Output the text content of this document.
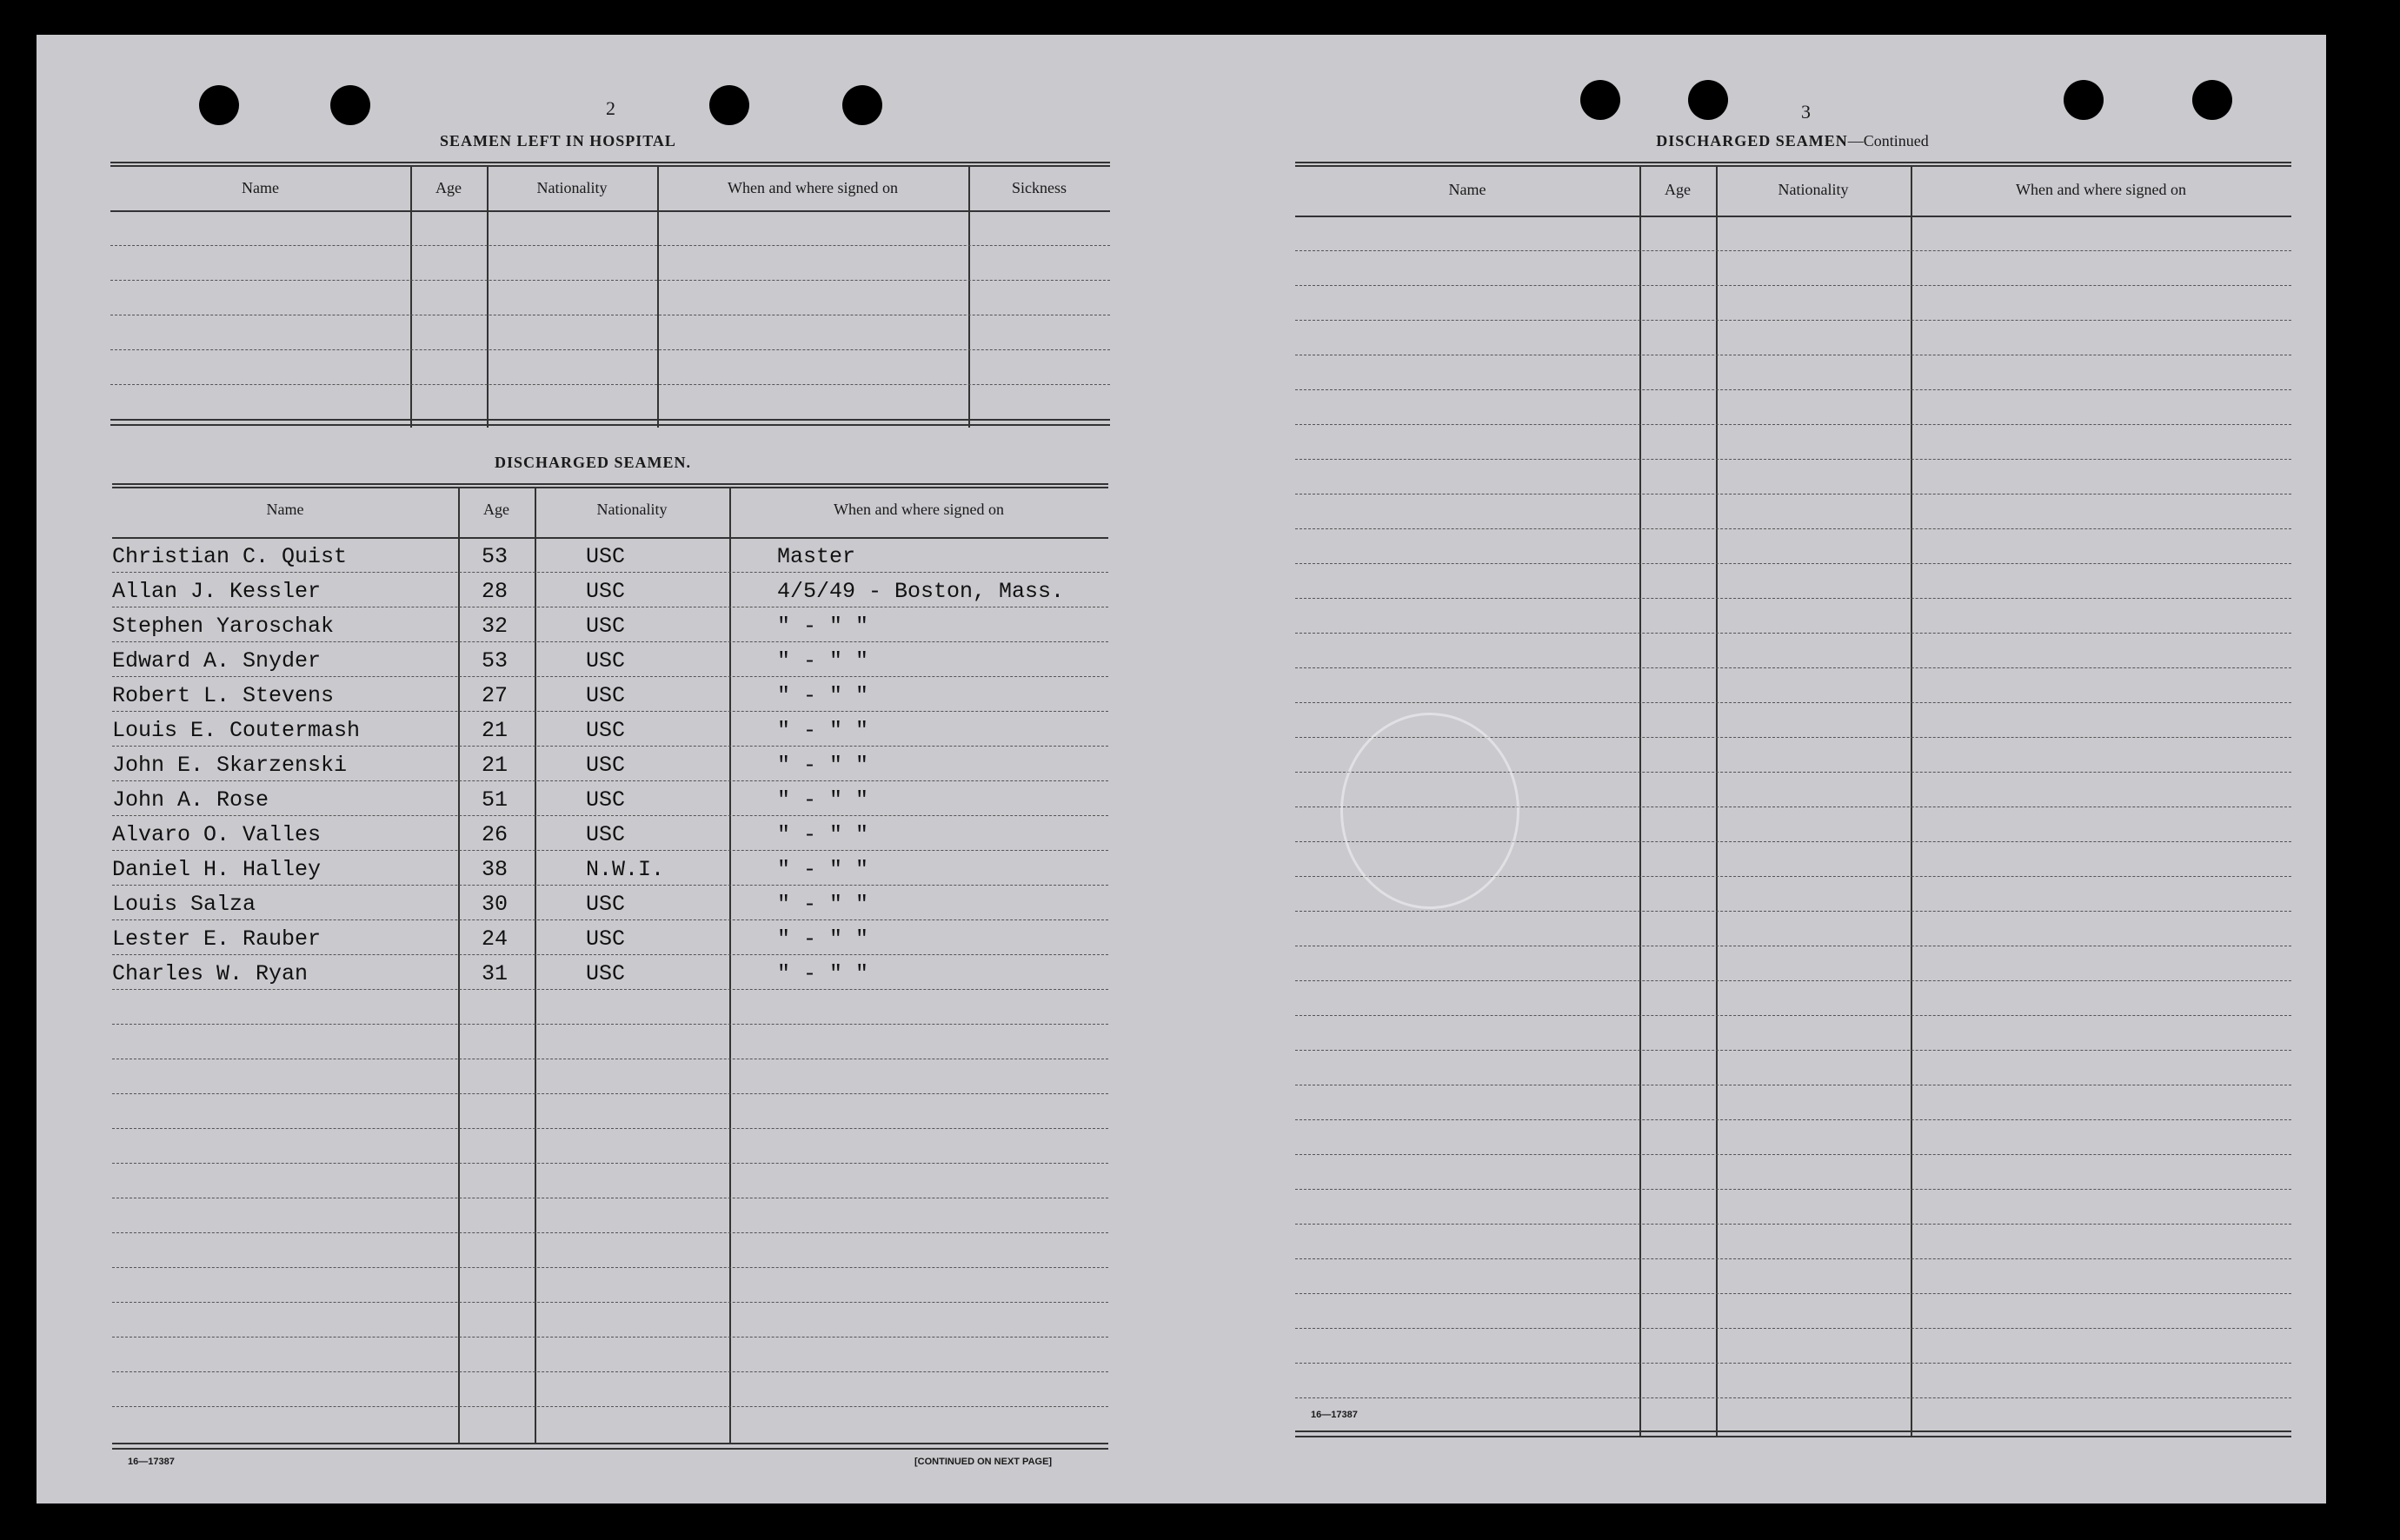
2
SEAMEN LEFT IN HOSPITAL
Name	Age	Nationality	When and where signed on	Sickness
DISCHARGED SEAMEN.
Name	Age	Nationality	When and where signed on
Christian C. Quist	53	USC	Master
Allan J. Kessler	28	USC	4/5/49 - Boston, Mass.
Stephen Yaroschak	32	USC	" - " "
Edward A. Snyder	53	USC	" - " "
Robert L. Stevens	27	USC	" - " "
Louis E. Coutermash	21	USC	" - " "
John E. Skarzenski	21	USC	" - " "
John A. Rose	51	USC	" - " "
Alvaro O. Valles	26	USC	" - " "
Daniel H. Halley	38	N.W.I.	" - " "
Louis Salza	30	USC	" - " "
Lester E. Rauber	24	USC	" - " "
Charles W. Ryan	31	USC	" - " "
16—17387	[CONTINUED ON NEXT PAGE]
3
DISCHARGED SEAMEN—Continued
Name	Age	Nationality	When and where signed on
16—17387
